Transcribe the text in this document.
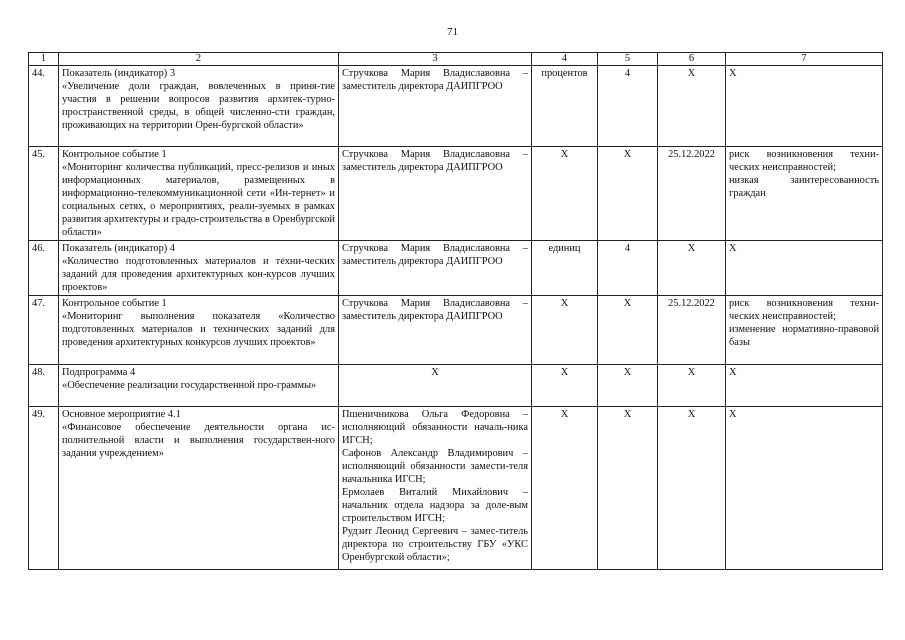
71
1	2	3	4	5	6	7
44.	Показатель (индикатор) 3
«Увеличение доли граждан, вовлеченных в приня-тие участия в решении вопросов развития архитек-турно-пространственной среды, в общей численно-сти граждан, проживающих на территории Орен-бургской области»	Стручкова Мария Владиславовна – заместитель директора ДАИПГРОО	процентов	4	Х	Х

45.	Контрольное событие 1
«Мониторинг количества публикаций, пресс-релизов и иных информационных материалов, размещенных в информационно-телекоммуникационной сети «Ин-тернет» и социальных сетях, о мероприятиях, реали-зуемых в рамках развития архитектуры и градо-строительства в Оренбургской области»	Стручкова Мария Владиславовна – заместитель директора ДАИПГРОО	Х	Х	25.12.2022	риск возникновения техни-ческих неисправностей;
низкая заинтересованность граждан

46.	Показатель (индикатор) 4
«Количество подготовленных материалов и техни-ческих заданий для проведения архитектурных кон-курсов лучших проектов»	Стручкова Мария Владиславовна – заместитель директора ДАИПГРОО	единиц	4	Х	Х

47.	Контрольное событие 1
«Мониторинг выполнения показателя «Количество подготовленных материалов и технических заданий для проведения архитектурных конкурсов лучших проектов»	Стручкова Мария Владиславовна – заместитель директора ДАИПГРОО	Х	Х	25.12.2022	риск возникновения техни-ческих неисправностей;
изменение нормативно-правовой базы

48.	Подпрограмма 4
«Обеспечение реализации государственной про-граммы»	Х	Х	Х	Х	Х

49.	Основное мероприятие 4.1
«Финансовое обеспечение деятельности органа ис-полнительной власти и выполнения государствен-ного задания учреждением»	Пшеничникова Ольга Федоровна – исполняющий обязанности началь-ника ИГСН;
Сафонов Александр Владимирович – исполняющий обязанности замести-теля начальника ИГСН;
Ермолаев Виталий Михайлович – начальник отдела надзора за доле-вым строительством ИГСН;
Рудзит Леонид Сергеевич – замес-титель директора по строительству ГБУ «УКС Оренбургской области»;	Х	Х	Х	Х
